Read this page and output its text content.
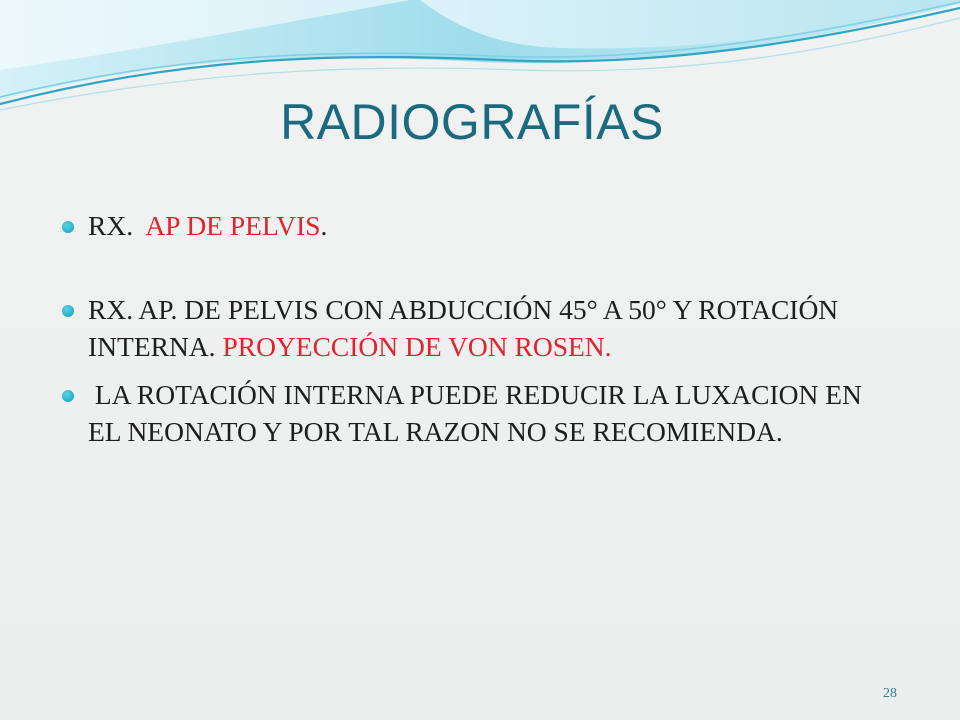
RADIOGRAFÍAS
RX.  AP DE PELVIS.
RX. AP. DE PELVIS CON ABDUCCIÓN 45° A 50° Y ROTACIÓN INTERNA. PROYECCIÓN DE VON ROSEN.
LA ROTACIÓN INTERNA PUEDE REDUCIR LA LUXACION EN EL NEONATO Y POR TAL RAZON NO SE RECOMIENDA.
28
